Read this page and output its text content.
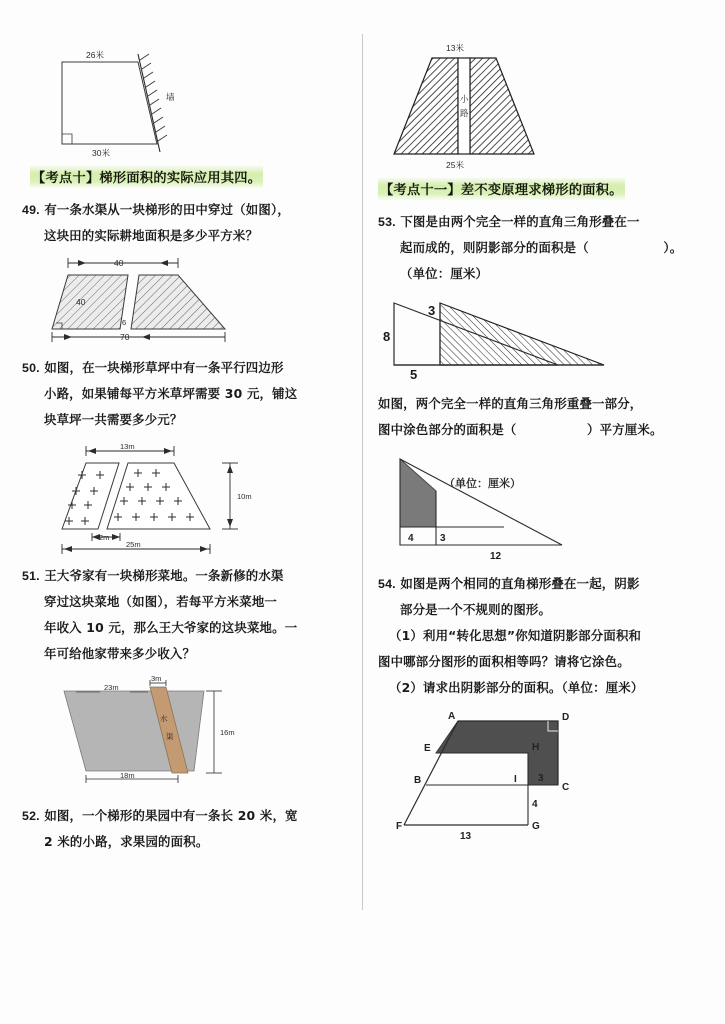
26米
30米
墙
【考点十】梯形面积的实际应用其四。
49. 有一条水渠从一块梯形的田中穿过（如图），
这块田的实际耕地面积是多少平方米？
40
70
40
6
50. 如图，在一块梯形草坪中有一条平行四边形
小路，如果铺每平方米草坪需要 30 元，铺这
块草坪一共需要多少元？
13m
10m
2m
25m
51. 王大爷家有一块梯形菜地。一条新修的水渠
穿过这块菜地（如图），若每平方米菜地一
年收入 10 元，那么王大爷家的这块菜地。一
年可给他家带来多少收入？
3m
23m
水
渠	16m
18m
52. 如图，一个梯形的果园中有一条长 20 米，宽
2 米的小路，求果园的面积。
13米
小
路
25米
【考点十一】差不变原理求梯形的面积。
53. 下图是由两个完全一样的直角三角形叠在一
起而成的，则阴影部分的面积是（	）。
（单位：厘米）
8
3
5
如图，两个完全一样的直角三角形重叠一部分，
图中涂色部分的面积是（	）平方厘米。
（单位：厘米）
4	3
12
54. 如图是两个相同的直角梯形叠在一起，阴影
部分是一个不规则的图形。
（1）利用“转化思想”你知道阴影部分面积和
图中哪部分图形的面积相等吗？请将它涂色。
（2）请求出阴影部分的面积。（单位：厘米）
A	D
E	H
B	I
C
F	G
3
4
13
